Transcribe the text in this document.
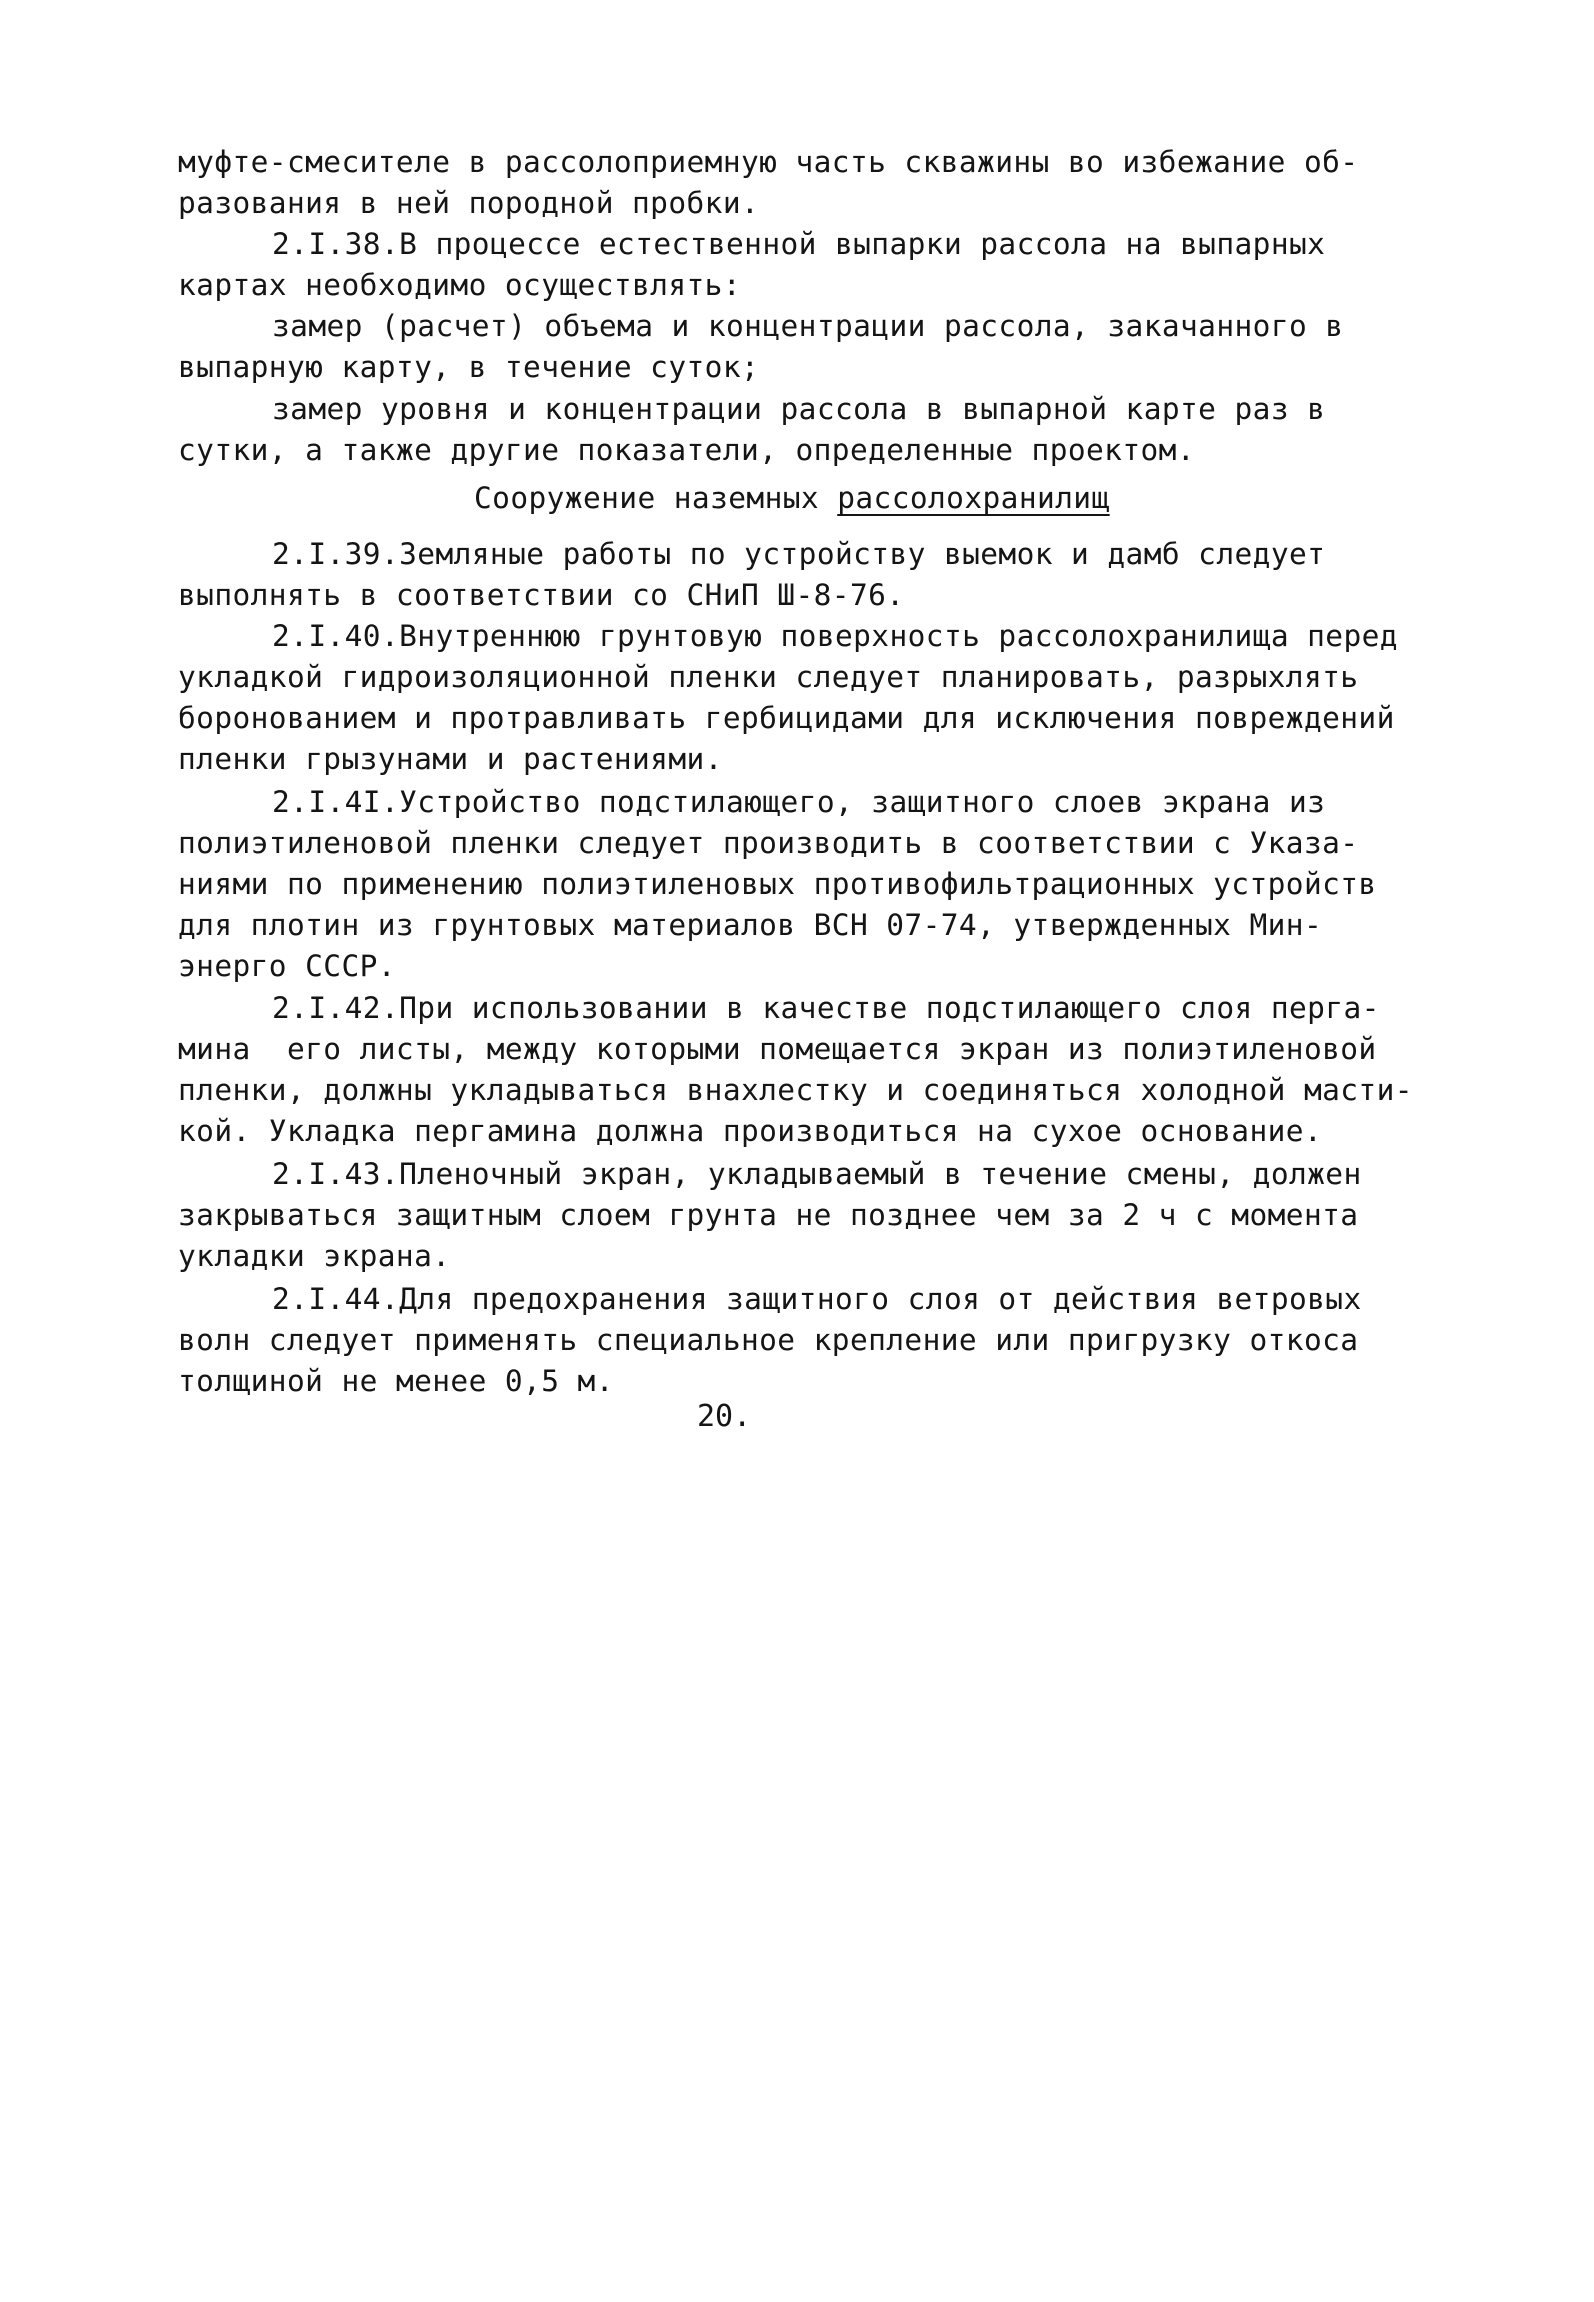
муфте-смесителе в рассолоприемную часть скважины во избежание об-
разования в ней породной пробки.
2.I.38.В процессе естественной выпарки рассола на выпарных
картах необходимо осуществлять:
замер (расчет) объема и концентрации рассола, закачанного в
выпарную карту, в течение суток;
замер уровня и концентрации рассола в выпарной карте раз в
сутки, а также другие показатели, определенные проектом.
Сооружение наземных рассолохранилищ
2.I.39.Земляные работы по устройству выемок и дамб следует
выполнять в соответствии со СНиП Ш-8-76.
2.I.40.Внутреннюю грунтовую поверхность рассолохранилища перед
укладкой гидроизоляционной пленки следует планировать, разрыхлять
боронованием и протравливать гербицидами для исключения повреждений
пленки грызунами и растениями.
2.I.4I.Устройство подстилающего, защитного слоев экрана из
полиэтиленовой пленки следует производить в соответствии с Указа-
ниями по применению полиэтиленовых противофильтрационных устройств
для плотин из грунтовых материалов ВСН 07-74, утвержденных Мин-
энерго СССР.
2.I.42.При использовании в качестве подстилающего слоя перга-
мина  его листы, между которыми помещается экран из полиэтиленовой
пленки, должны укладываться внахлестку и соединяться холодной масти-
кой. Укладка пергамина должна производиться на сухое основание.
2.I.43.Пленочный экран, укладываемый в течение смены, должен
закрываться защитным слоем грунта не позднее чем за 2 ч с момента
укладки экрана.
2.I.44.Для предохранения защитного слоя от действия ветровых
волн следует применять специальное крепление или пригрузку откоса
толщиной не менее 0,5 м.
20.
